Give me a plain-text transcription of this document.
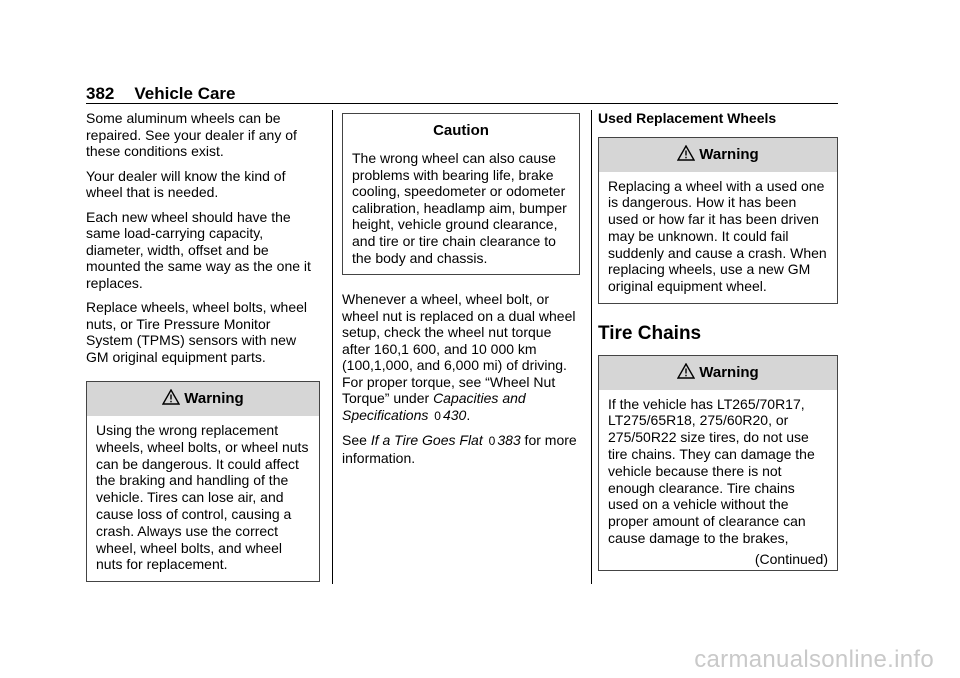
382 Vehicle Care

Some aluminum wheels can be repaired. See your dealer if any of these conditions exist.

Your dealer will know the kind of wheel that is needed.

Each new wheel should have the same load-carrying capacity, diameter, width, offset and be mounted the same way as the one it replaces.

Replace wheels, wheel bolts, wheel nuts, or Tire Pressure Monitor System (TPMS) sensors with new GM original equipment parts.

Warning

Using the wrong replacement wheels, wheel bolts, or wheel nuts can be dangerous. It could affect the braking and handling of the vehicle. Tires can lose air, and cause loss of control, causing a crash. Always use the correct wheel, wheel bolts, and wheel nuts for replacement.

Caution

The wrong wheel can also cause problems with bearing life, brake cooling, speedometer or odometer calibration, headlamp aim, bumper height, vehicle ground clearance, and tire or tire chain clearance to the body and chassis.

Whenever a wheel, wheel bolt, or wheel nut is replaced on a dual wheel setup, check the wheel nut torque after 160,1 600, and 10 000 km (100,1,000, and 6,000 mi) of driving. For proper torque, see “Wheel Nut Torque” under Capacities and Specifications 0 430.

See If a Tire Goes Flat 0 383 for more information.

Used Replacement Wheels

Warning

Replacing a wheel with a used one is dangerous. How it has been used or how far it has been driven may be unknown. It could fail suddenly and cause a crash. When replacing wheels, use a new GM original equipment wheel.

Tire Chains
Warning

If the vehicle has LT265/70R17, LT275/65R18, 275/60R20, or 275/50R22 size tires, do not use tire chains. They can damage the vehicle because there is not enough clearance. Tire chains used on a vehicle without the proper amount of clearance can cause damage to the brakes,

(Continued)
carmanualsonline.info
